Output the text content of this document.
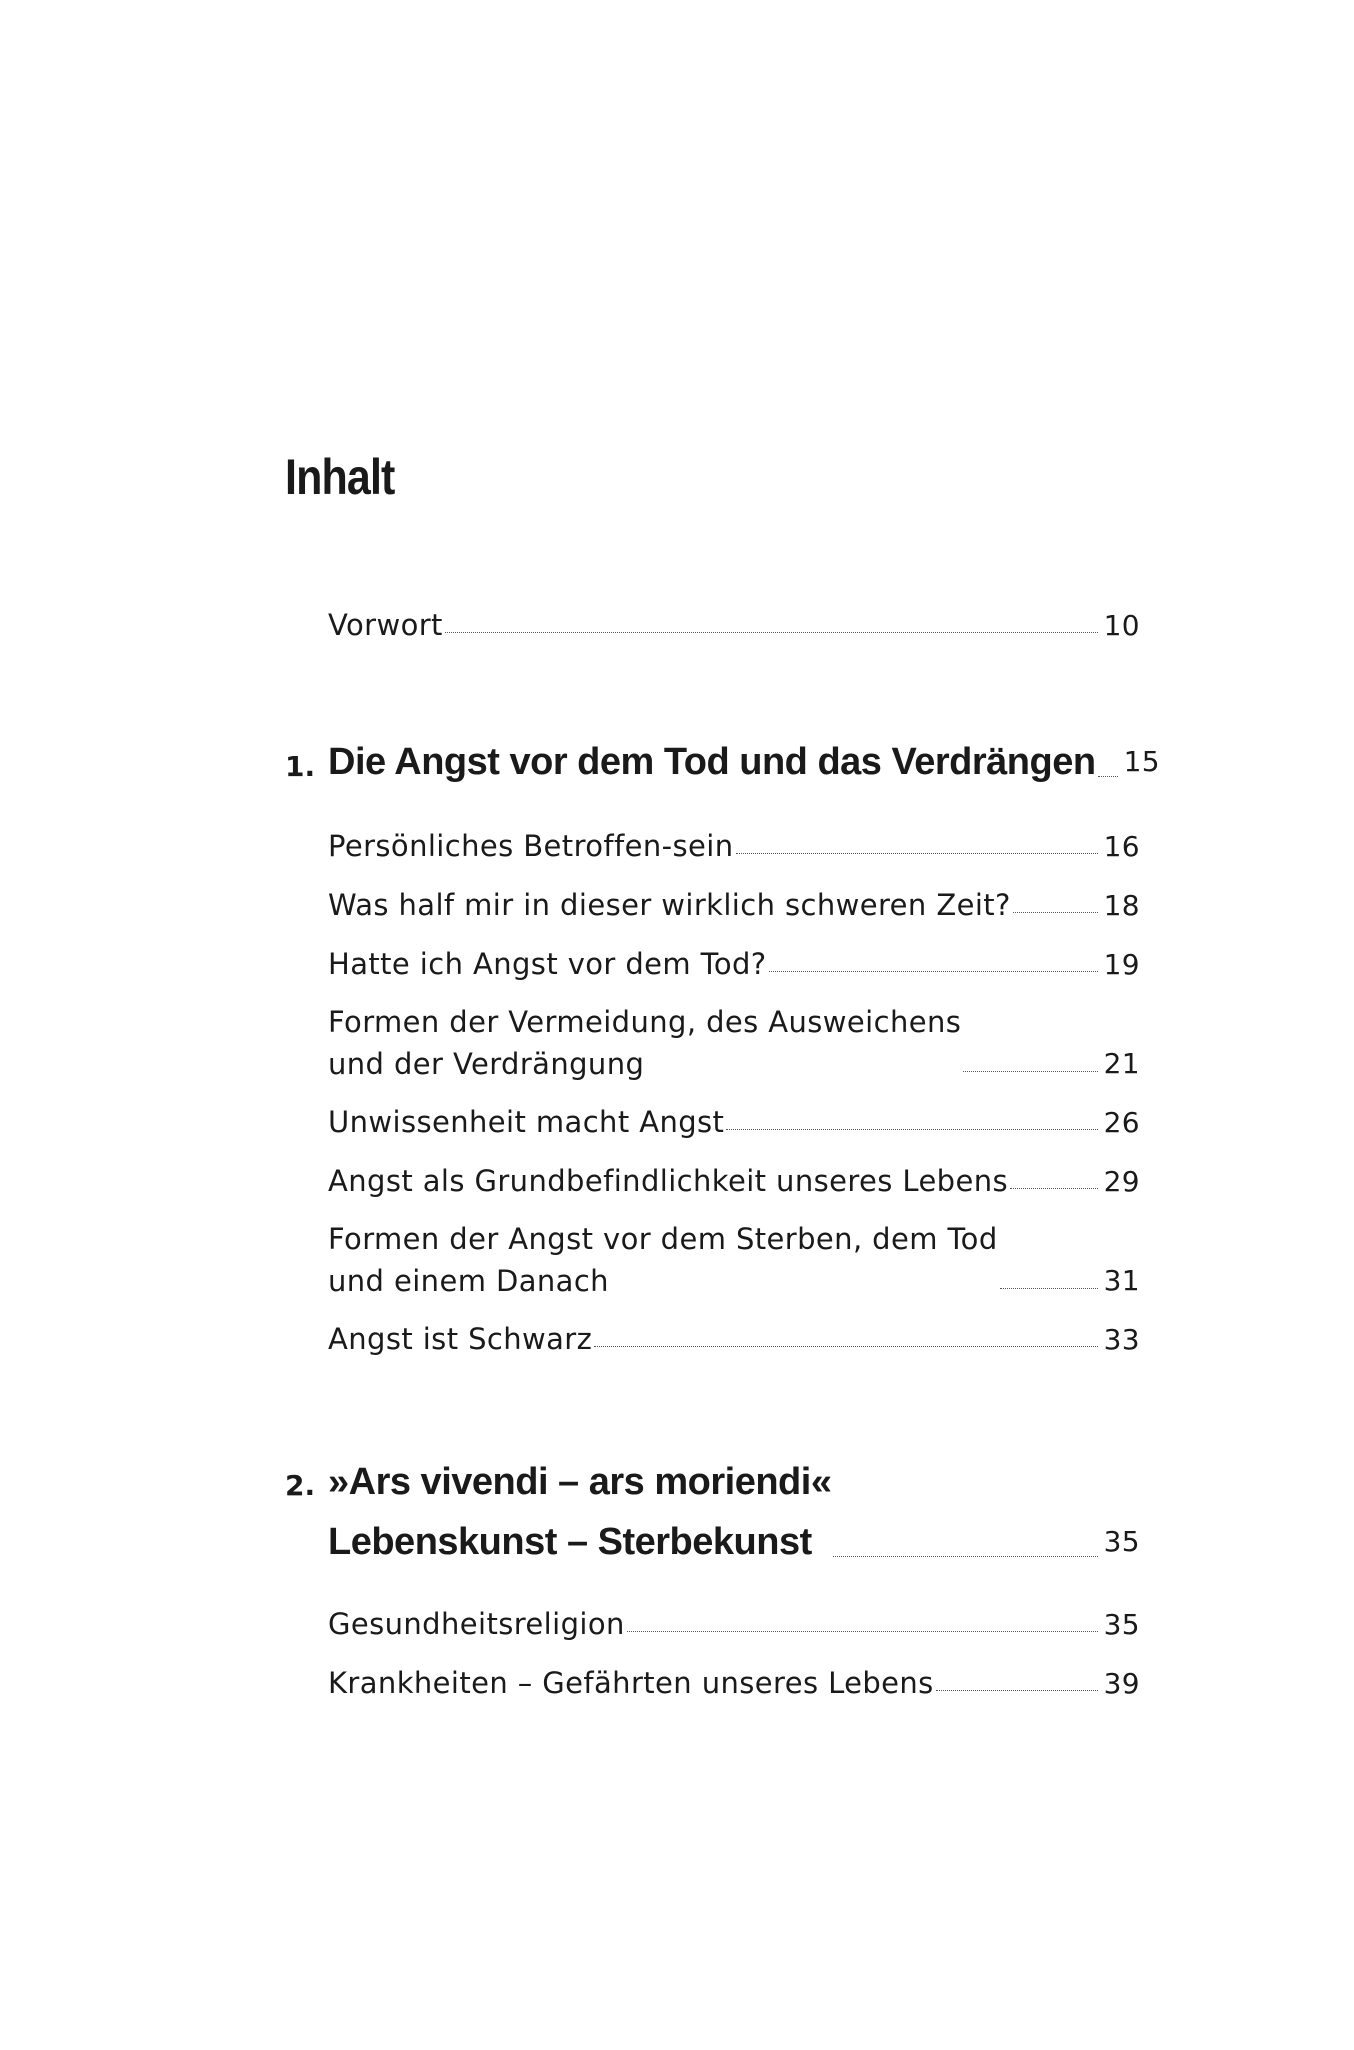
Inhalt
Vorwort	10
1. Die Angst vor dem Tod und das Verdrängen 15
Persönliches Betroffen-sein	16
Was half mir in dieser wirklich schweren Zeit?	18
Hatte ich Angst vor dem Tod?	19
Formen der Vermeidung, des Ausweichens
und der Verdrängung	21
Unwissenheit macht Angst	26
Angst als Grundbefindlichkeit unseres Lebens	29
Formen der Angst vor dem Sterben, dem Tod
und einem Danach	31
Angst ist Schwarz	33
2. »Ars vivendi – ars moriendi«
Lebenskunst – Sterbekunst	35
Gesundheitsreligion	35
Krankheiten – Gefährten unseres Lebens	39
